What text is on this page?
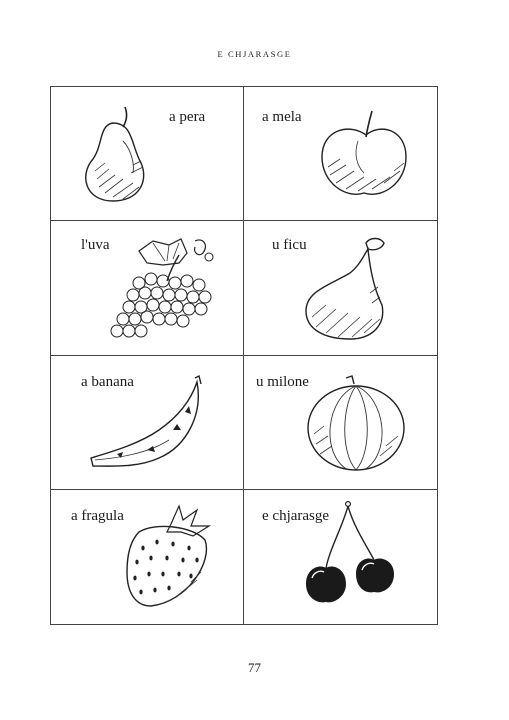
E CHJARASGE
a pera	a mela
l'uva	u ficu
a banana	u milone
a fragula	e chjarasge
77
